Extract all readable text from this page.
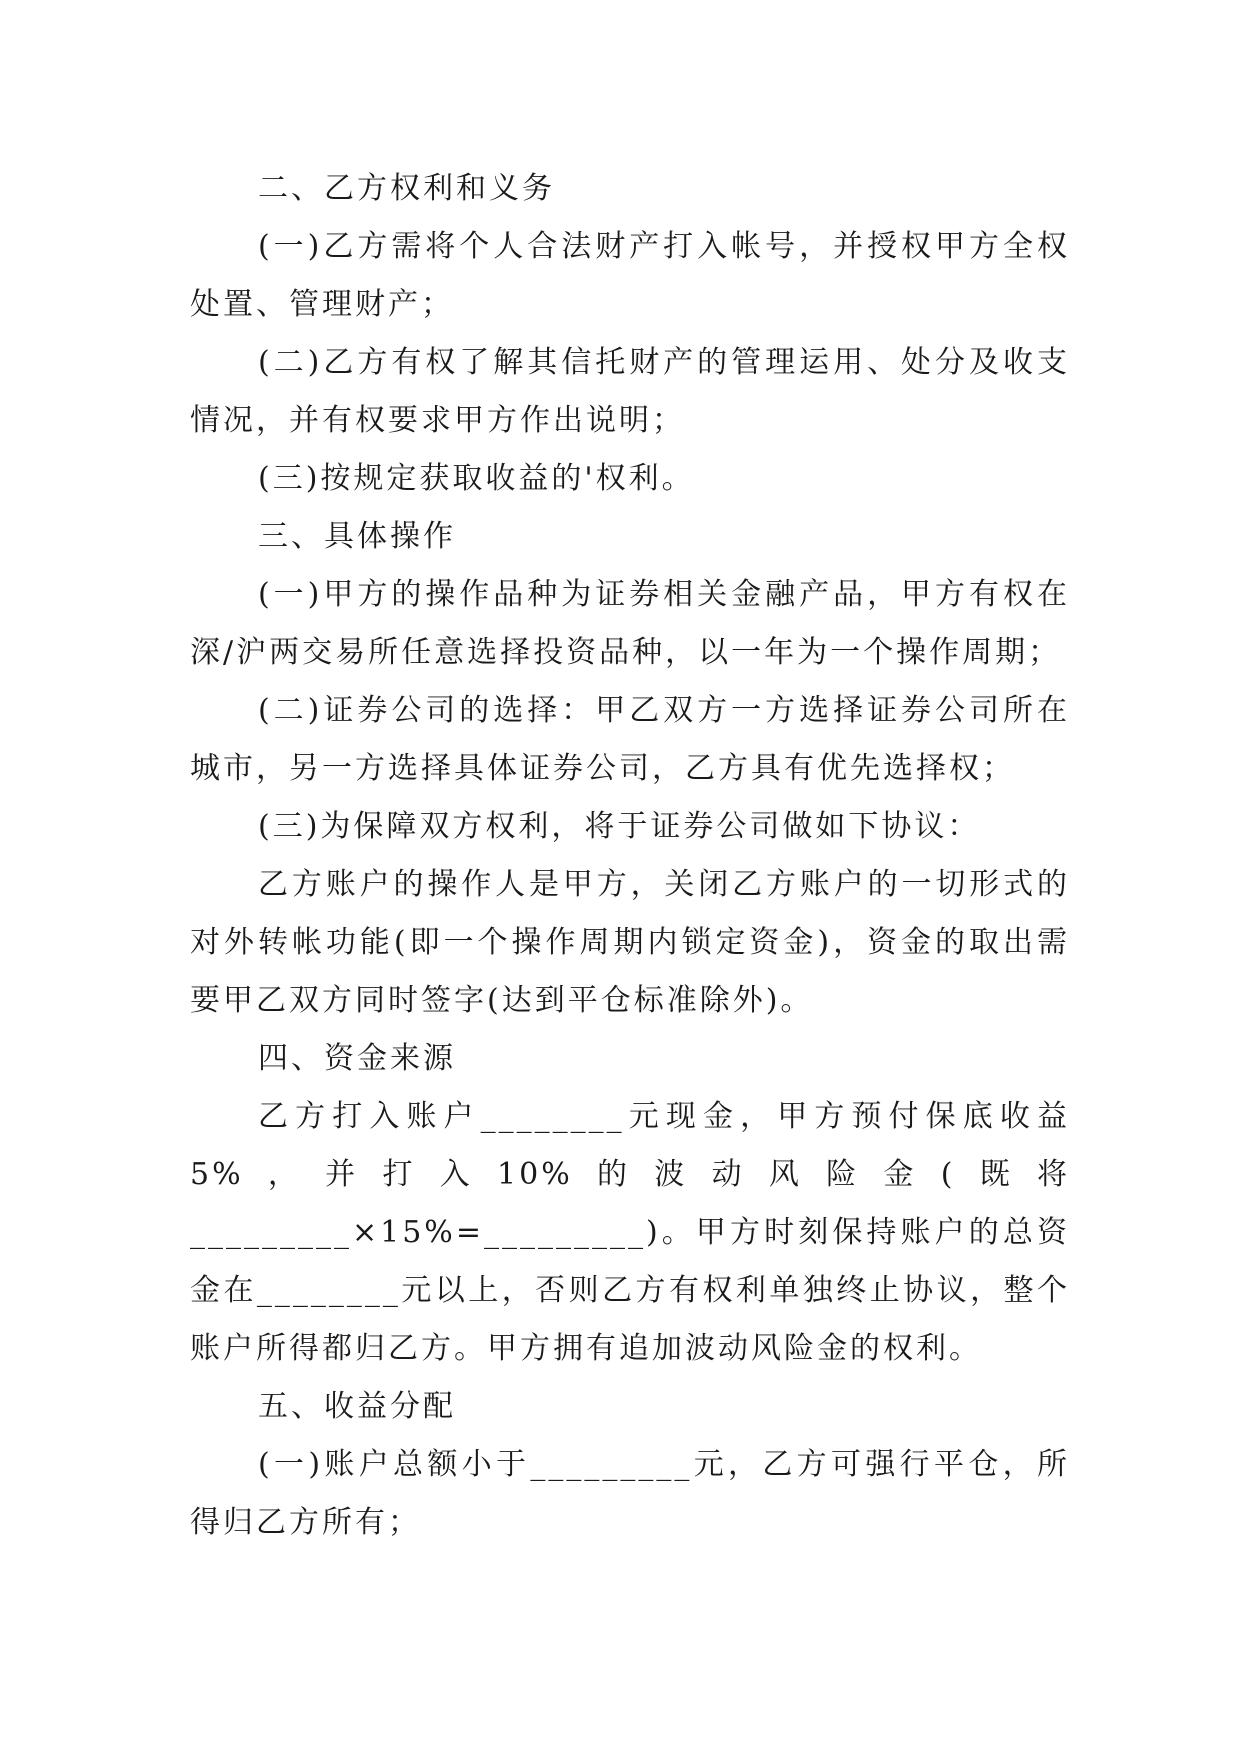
二、乙方权利和义务

(一)乙方需将个人合法财产打入帐号，并授权甲方全权处置、管理财产；

(二)乙方有权了解其信托财产的管理运用、处分及收支情况，并有权要求甲方作出说明；

(三)按规定获取收益的'权利。

三、具体操作

(一)甲方的操作品种为证券相关金融产品，甲方有权在深/沪两交易所任意选择投资品种，以一年为一个操作周期；

(二)证券公司的选择：甲乙双方一方选择证券公司所在城市，另一方选择具体证券公司，乙方具有优先选择权；

(三)为保障双方权利，将于证券公司做如下协议：

乙方账户的操作人是甲方，关闭乙方账户的一切形式的对外转帐功能(即一个操作周期内锁定资金)，资金的取出需要甲乙双方同时签字(达到平仓标准除外)。

四、资金来源

乙方打入账户________元现金，甲方预付保底收益5%，并打入10%的波动风险金(既将_________×15%=_________)。甲方时刻保持账户的总资金在________元以上，否则乙方有权利单独终止协议，整个账户所得都归乙方。甲方拥有追加波动风险金的权利。

五、收益分配

(一)账户总额小于_________元，乙方可强行平仓，所得归乙方所有；
